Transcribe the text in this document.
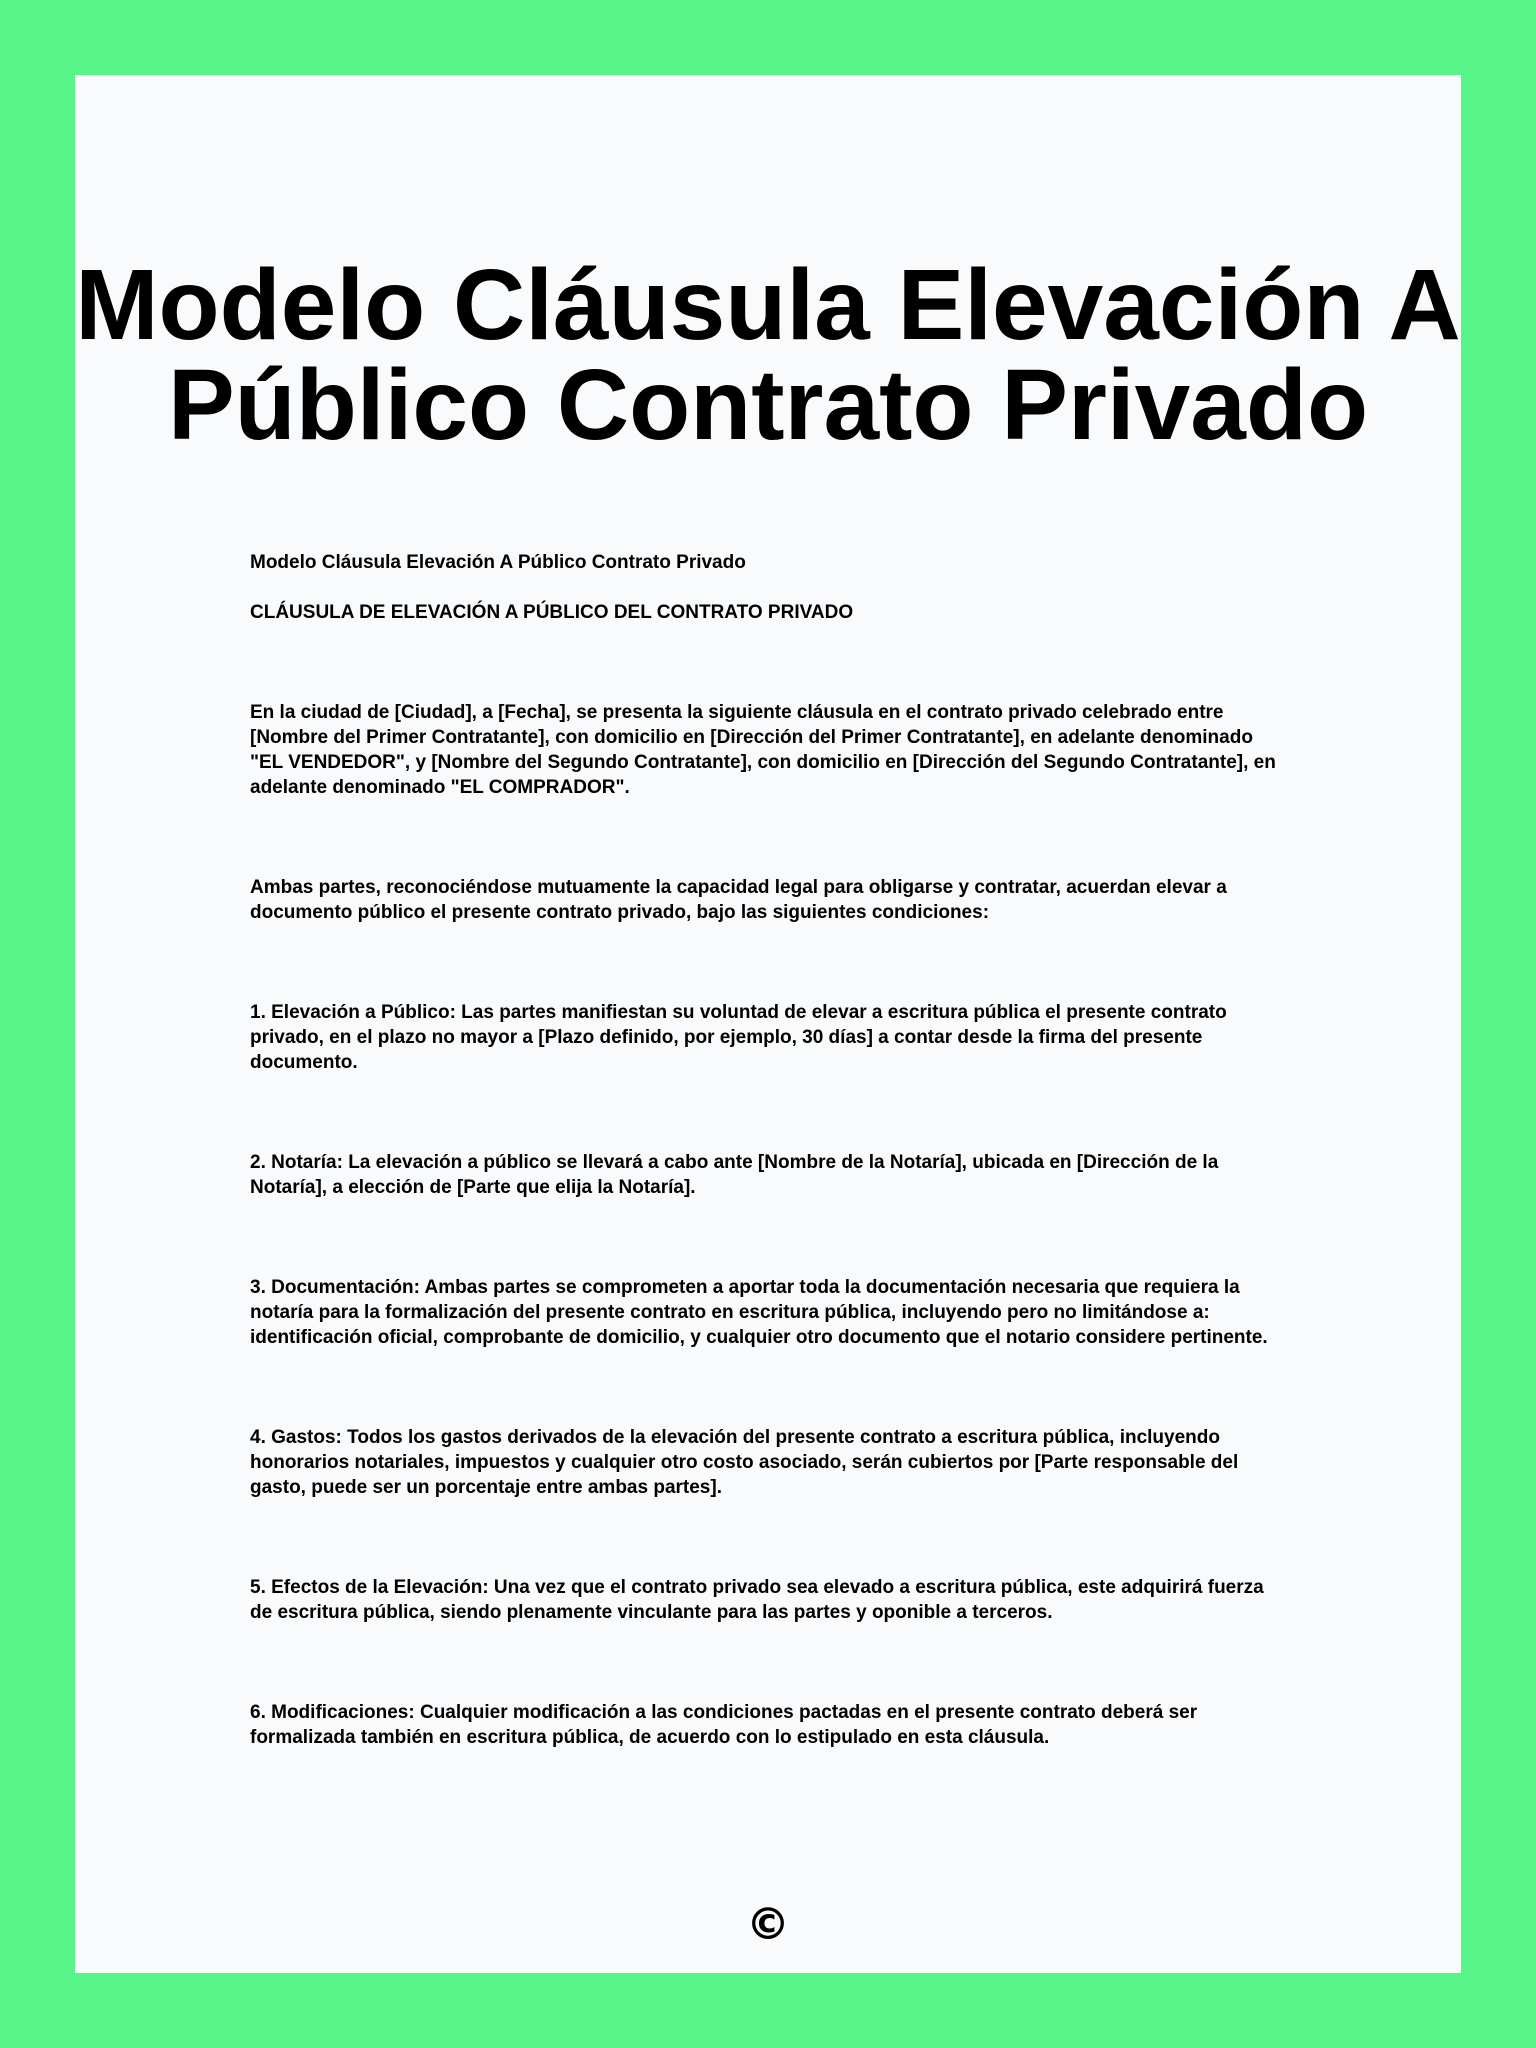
Modelo Cláusula Elevación A
Público Contrato Privado

Modelo Cláusula Elevación A Público Contrato Privado

CLÁUSULA DE ELEVACIÓN A PÚBLICO DEL CONTRATO PRIVADO

En la ciudad de [Ciudad], a [Fecha], se presenta la siguiente cláusula en el contrato privado celebrado entre [Nombre del Primer Contratante], con domicilio en [Dirección del Primer Contratante], en adelante denominado "EL VENDEDOR", y [Nombre del Segundo Contratante], con domicilio en [Dirección del Segundo Contratante], en adelante denominado "EL COMPRADOR".

Ambas partes, reconociéndose mutuamente la capacidad legal para obligarse y contratar, acuerdan elevar a documento público el presente contrato privado, bajo las siguientes condiciones:

1. Elevación a Público: Las partes manifiestan su voluntad de elevar a escritura pública el presente contrato privado, en el plazo no mayor a [Plazo definido, por ejemplo, 30 días] a contar desde la firma del presente documento.

2. Notaría: La elevación a público se llevará a cabo ante [Nombre de la Notaría], ubicada en [Dirección de la Notaría], a elección de [Parte que elija la Notaría].

3. Documentación: Ambas partes se comprometen a aportar toda la documentación necesaria que requiera la notaría para la formalización del presente contrato en escritura pública, incluyendo pero no limitándose a: identificación oficial, comprobante de domicilio, y cualquier otro documento que el notario considere pertinente.

4. Gastos: Todos los gastos derivados de la elevación del presente contrato a escritura pública, incluyendo honorarios notariales, impuestos y cualquier otro costo asociado, serán cubiertos por [Parte responsable del gasto, puede ser un porcentaje entre ambas partes].

5. Efectos de la Elevación: Una vez que el contrato privado sea elevado a escritura pública, este adquirirá fuerza de escritura pública, siendo plenamente vinculante para las partes y oponible a terceros.

6. Modificaciones: Cualquier modificación a las condiciones pactadas en el presente contrato deberá ser formalizada también en escritura pública, de acuerdo con lo estipulado en esta cláusula.

©
